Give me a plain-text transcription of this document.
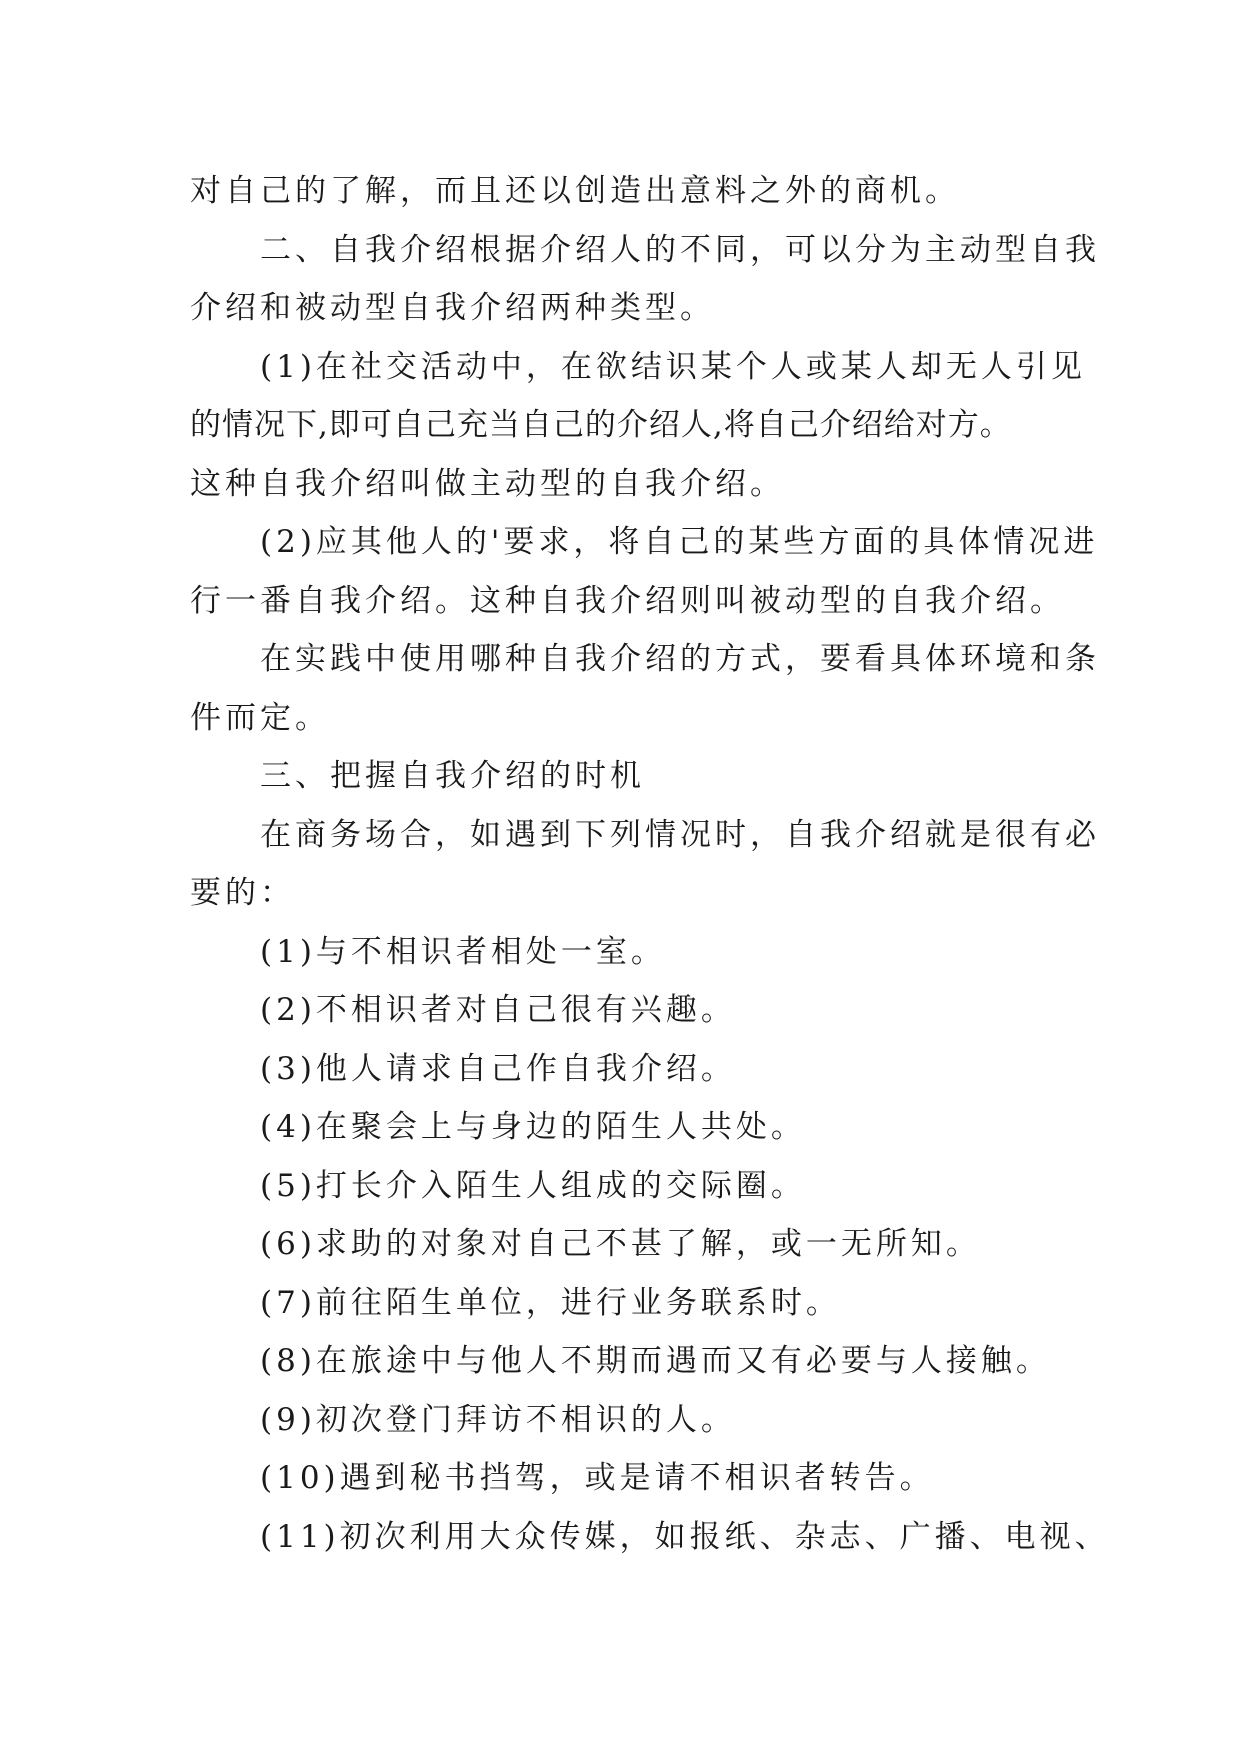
对自己的了解，而且还以创造出意料之外的商机。
二、自我介绍根据介绍人的不同，可以分为主动型自我
介绍和被动型自我介绍两种类型。
(1)在社交活动中，在欲结识某个人或某人却无人引见
的情况下,即可自己充当自己的介绍人,将自己介绍给对方。
这种自我介绍叫做主动型的自我介绍。
(2)应其他人的'要求，将自己的某些方面的具体情况进
行一番自我介绍。这种自我介绍则叫被动型的自我介绍。
在实践中使用哪种自我介绍的方式，要看具体环境和条
件而定。
三、把握自我介绍的时机
在商务场合，如遇到下列情况时，自我介绍就是很有必
要的：
(1)与不相识者相处一室。
(2)不相识者对自己很有兴趣。
(3)他人请求自己作自我介绍。
(4)在聚会上与身边的陌生人共处。
(5)打长介入陌生人组成的交际圈。
(6)求助的对象对自己不甚了解，或一无所知。
(7)前往陌生单位，进行业务联系时。
(8)在旅途中与他人不期而遇而又有必要与人接触。
(9)初次登门拜访不相识的人。
(10)遇到秘书挡驾，或是请不相识者转告。
(11)初次利用大众传媒，如报纸、杂志、广播、电视、
